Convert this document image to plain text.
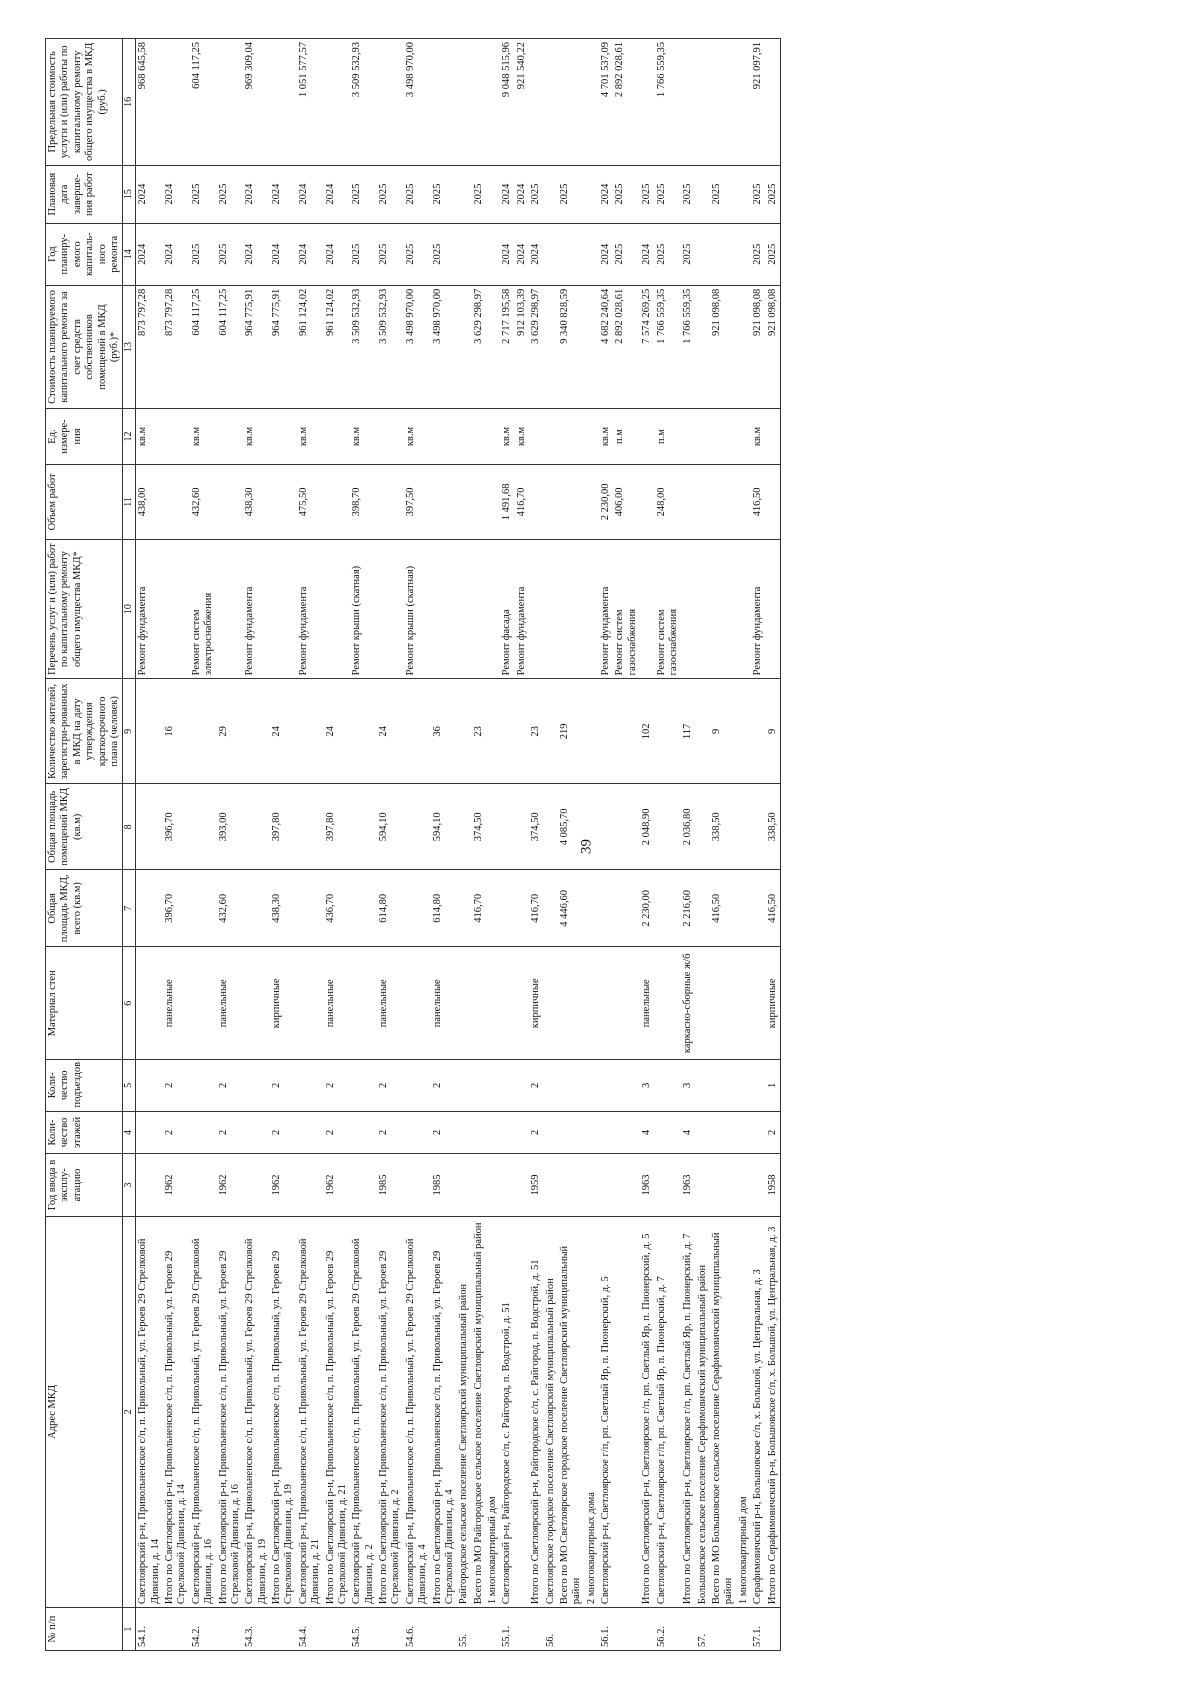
39
№ п/п	Адрес МКД	Год ввода в эксплу-атацию	Коли-чество этажей	Коли-чество подъездов	Материал стен	Общая площадь МКД, всего (кв.м)	Общая площадь помещений МКД (кв.м)	Количество жителей, зарегистри-рованных в МКД на дату утверждения краткосрочного плана (человек)	Перечень услуг и (или) работ по капитальному ремонту общего имущества МКД*	Объем работ	Ед. измере-ния	Стоимость планируемого капитального ремонта за счет средств собственников помещений в МКД (руб.)*	Год планиру-емого капиталь-ного ремонта	Плановая дата заверше-ния работ	Предельная стоимость услуги и (или) работы по капитальному ремонту общего имущества в МКД (руб.)
1	2	3	4	5	6	7	8	9	10	11	12	13	14	15	16
54.1.	Светлоярский р-н, Привольненское с/п, п. Привольный, ул. Героев 29 Стрелковой Дивизии, д. 14								Ремонт фундамента	438,00	кв.м	873 797,28	2024	2024	968 645,58
	Итого по Светлоярский р-н, Привольненское с/п, п. Привольный, ул. Героев 29 Стрелковой Дивизии, д. 14	1962	2	2	панельные	396,70	396,70	16				873 797,28	2024	2024	
54.2.	Светлоярский р-н, Привольненское с/п, п. Привольный, ул. Героев 29 Стрелковой Дивизии, д. 16								Ремонт систем электроснабжения	432,60	кв.м	604 117,25	2025	2025	604 117,25
	Итого по Светлоярский р-н, Привольненское с/п, п. Привольный, ул. Героев 29 Стрелковой Дивизии, д. 16	1962	2	2	панельные	432,60	393,00	29				604 117,25	2025	2025	
54.3.	Светлоярский р-н, Привольненское с/п, п. Привольный, ул. Героев 29 Стрелковой Дивизии, д. 19								Ремонт фундамента	438,30	кв.м	964 775,91	2024	2024	969 309,04
	Итого по Светлоярский р-н, Привольненское с/п, п. Привольный, ул. Героев 29 Стрелковой Дивизии, д. 19	1962	2	2	кирпичные	438,30	397,80	24				964 775,91	2024	2024	
54.4.	Светлоярский р-н, Привольненское с/п, п. Привольный, ул. Героев 29 Стрелковой Дивизии, д. 21								Ремонт фундамента	475,50	кв.м	961 124,02	2024	2024	1 051 577,57
	Итого по Светлоярский р-н, Привольненское с/п, п. Привольный, ул. Героев 29 Стрелковой Дивизии, д. 21	1962	2	2	панельные	436,70	397,80	24				961 124,02	2024	2024	
54.5.	Светлоярский р-н, Привольненское с/п, п. Привольный, ул. Героев 29 Стрелковой Дивизии, д. 2								Ремонт крыши (скатная)	398,70	кв.м	3 509 532,93	2025	2025	3 509 532,93
	Итого по Светлоярский р-н, Привольненское с/п, п. Привольный, ул. Героев 29 Стрелковой Дивизии, д. 2	1985	2	2	панельные	614,80	594,10	24				3 509 532,93	2025	2025	
54.6.	Светлоярский р-н, Привольненское с/п, п. Привольный, ул. Героев 29 Стрелковой Дивизии, д. 4								Ремонт крыши (скатная)	397,50	кв.м	3 498 970,00	2025	2025	3 498 970,00
	Итого по Светлоярский р-н, Привольненское с/п, п. Привольный, ул. Героев 29 Стрелковой Дивизии, д. 4	1985	2	2	панельные	614,80	594,10	36				3 498 970,00	2025	2025	
55.	Райгородское сельское поселение Светлоярский муниципальный район														
	Всего по МО Райгородское сельское поселение Светлоярский муниципальный район					416,70	374,50	23				3 629 298,97		2025	
	1 многоквартирный дом														
55.1.	Светлоярский р-н, Райгородское с/п, с. Райгород, п. Водстрой, д. 51								Ремонт фасада	1 491,68	кв.м	2 717 195,58	2024	2024	9 048 515,96
									Ремонт фундамента	416,70	кв.м	912 103,39	2024	2024	921 540,22
	Итого по Светлоярский р-н, Райгородское с/п, с. Райгород, п. Водстрой, д. 51	1959	2	2	кирпичные	416,70	374,50	23				3 629 298,97	2024	2025	
56.	Светлоярское городское поселение Светлоярский муниципальный район														
	Всего по МО Светлоярское городское поселение Светлоярский муниципальный район					4 446,60	4 085,70	219				9 340 828,59		2025	
	2 многоквартирных дома														
56.1.	Светлоярский р-н, Светлоярское г/п, рп. Светлый Яр, п. Пионерский, д. 5								Ремонт фундамента	2 230,00	кв.м	4 682 240,64	2024	2024	4 701 537,09
									Ремонт систем газоснабжения	406,00	п.м	2 892 028,61	2025	2025	2 892 028,61
	Итого по Светлоярский р-н, Светлоярское г/п, рп. Светлый Яр, п. Пионерский, д. 5	1963	4	3	панельные	2 230,00	2 048,90	102				7 574 269,25	2024	2025	
56.2.	Светлоярский р-н, Светлоярское г/п, рп. Светлый Яр, п. Пионерский, д. 7								Ремонт систем газоснабжения	248,00	п.м	1 766 559,35	2025	2025	1 766 559,35
	Итого по Светлоярский р-н, Светлоярское г/п, рп. Светлый Яр, п. Пионерский, д. 7	1963	4	3	каркасно-сборные ж/б	2 216,60	2 036,80	117				1 766 559,35	2025	2025	
57.	Большовское сельское поселение Серафимовичский муниципальный район														
	Всего по МО Большовское сельское поселение Серафимовичский муниципальный район					416,50	338,50	9				921 098,08		2025	
	1 многоквартирный дом														
57.1.	Серафимовичский р-н, Большовское с/п, х. Большой, ул. Центральная, д. 3								Ремонт фундамента	416,50	кв.м	921 098,08	2025	2025	921 097,91
	Итого по Серафимовичский р-н, Большовское с/п, х. Большой, ул. Центральная, д. 3	1958	2	1	кирпичные	416,50	338,50	9				921 098,08	2025	2025	
